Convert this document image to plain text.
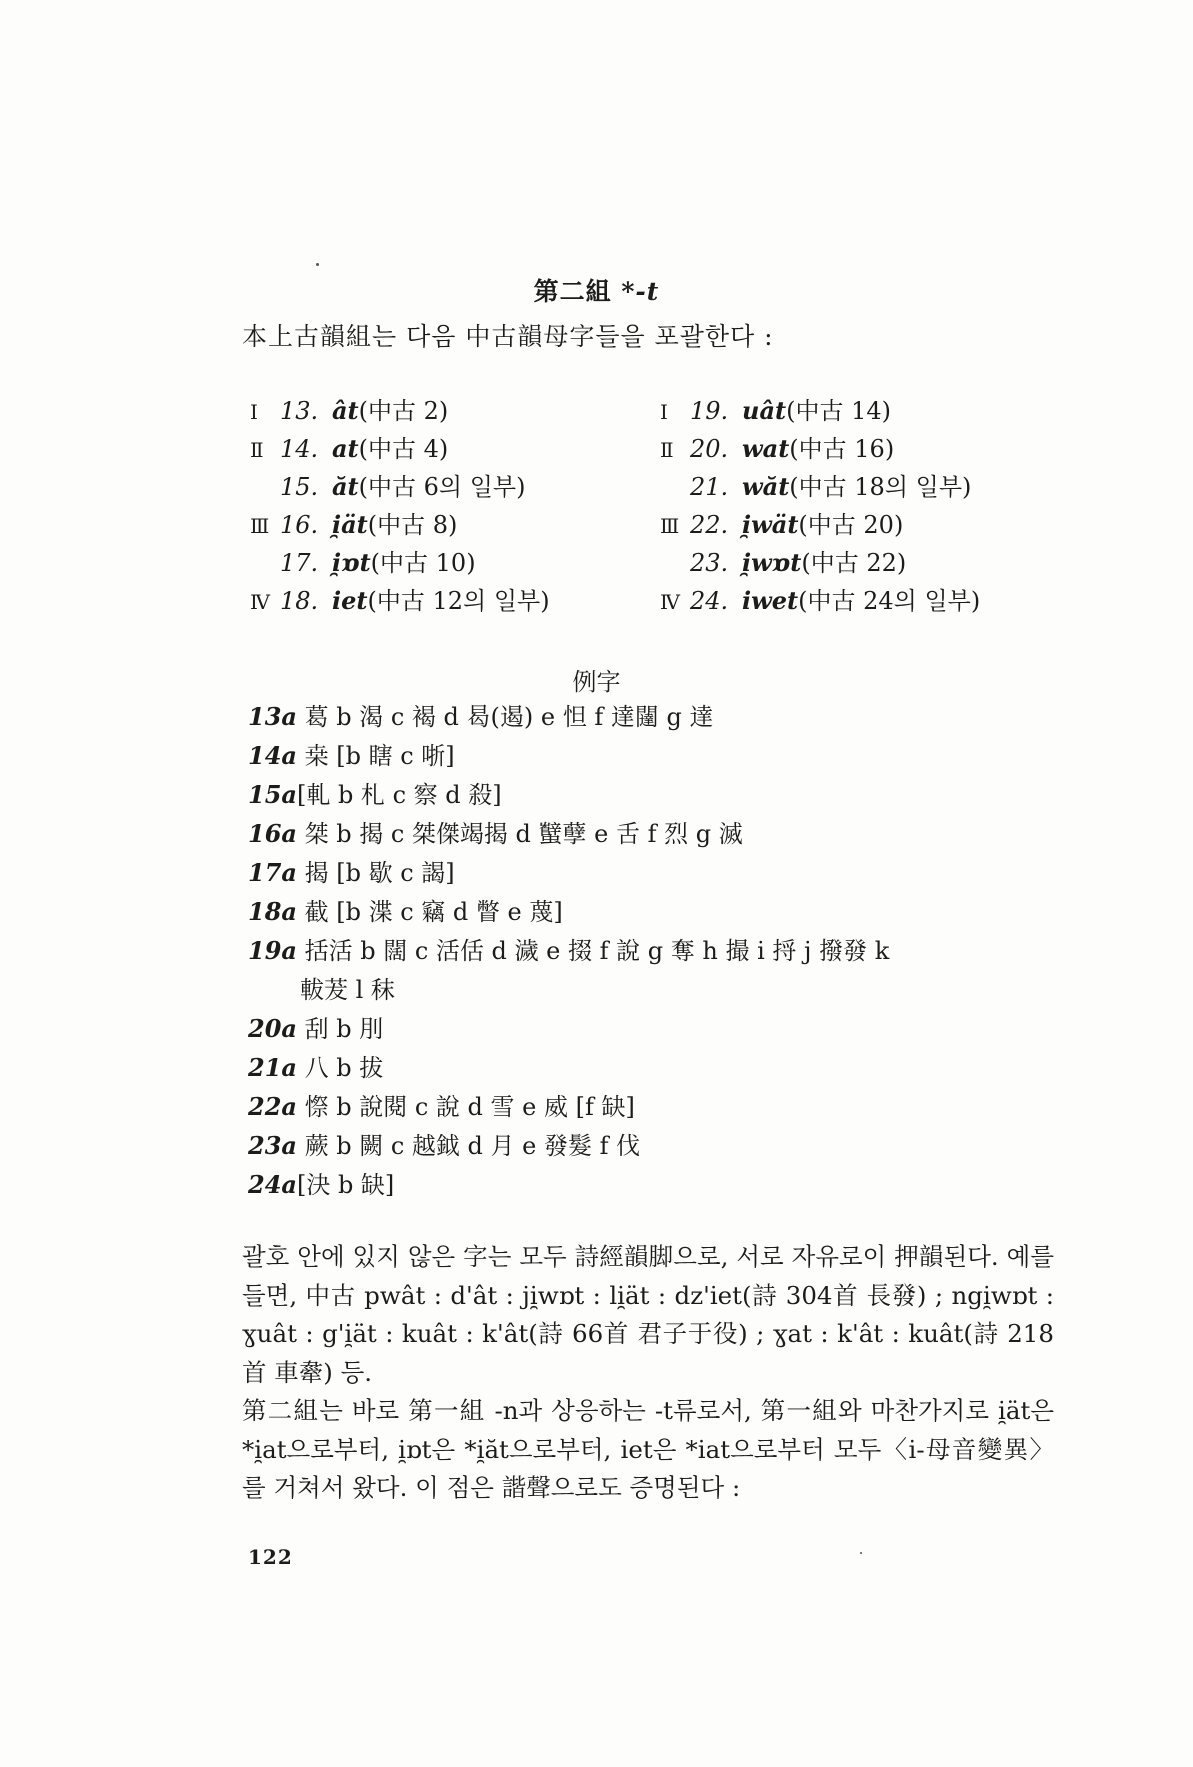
第二組 *-t
本上古韻組는 다음 中古韻母字들을 포괄한다 :
Ⅰ 13. ât(中古 2)
Ⅱ 14. at(中古 4)
15. ăt(中古 6의 일부)
Ⅲ 16. i̯ät(中古 8)
17. i̯ɒt(中古 10)
Ⅳ 18. iet(中古 12의 일부)
Ⅰ 19. uât(中古 14)
Ⅱ 20. wat(中古 16)
21. wăt(中古 18의 일부)
Ⅲ 22. i̯wät(中古 20)
23. i̯wɒt(中古 22)
Ⅳ 24. iwet(中古 24의 일부)
例字
13a 葛 b 渴 c 褐 d 曷(遏) e 怛 f 達闥 g 達
14a 桒 [b 瞎 c 哳]
15a[軋 b 札 c 察 d 殺]
16a 桀 b 揭 c 桀傑竭揭 d 蠥孽 e 舌 f 烈 g 滅
17a 揭 [b 歇 c 謁]
18a 截 [b 渫 c 竊 d 瞥 e 蔑]
19a 括活 b 闊 c 活佸 d 濊 e 掇 f 說 g 奪 h 撮 i 捋 j 撥發 k
軷茇 l 秣
20a 刮 b 刖
21a 八 b 拔
22a 憏 b 說閱 c 說 d 雪 e 威 [f 缺]
23a 蕨 b 闕 c 越鉞 d 月 e 發髮 f 伐
24a[決 b 缺]
괄호 안에 있지 않은 字는 모두 詩經韻脚으로, 서로 자유로이 押韻된다. 예를 들면, 中古 pwât : d'ât : ji̯wɒt : li̯ät : dz'iet(詩 304首 長發) ; ngi̯wɒt : ɣuât : g'i̯ät : kuât : k'ât(詩 66首 君子于役) ; ɣat : k'ât : kuât(詩 218首 車舝) 등.
第二組는 바로 第一組 -n과 상응하는 -t류로서, 第一組와 마찬가지로 i̯ät은 *i̯at으로부터, i̯ɒt은 *i̯ăt으로부터, iet은 *iat으로부터 모두〈i-母音變異〉를 거쳐서 왔다. 이 점은 諧聲으로도 증명된다 :
122
